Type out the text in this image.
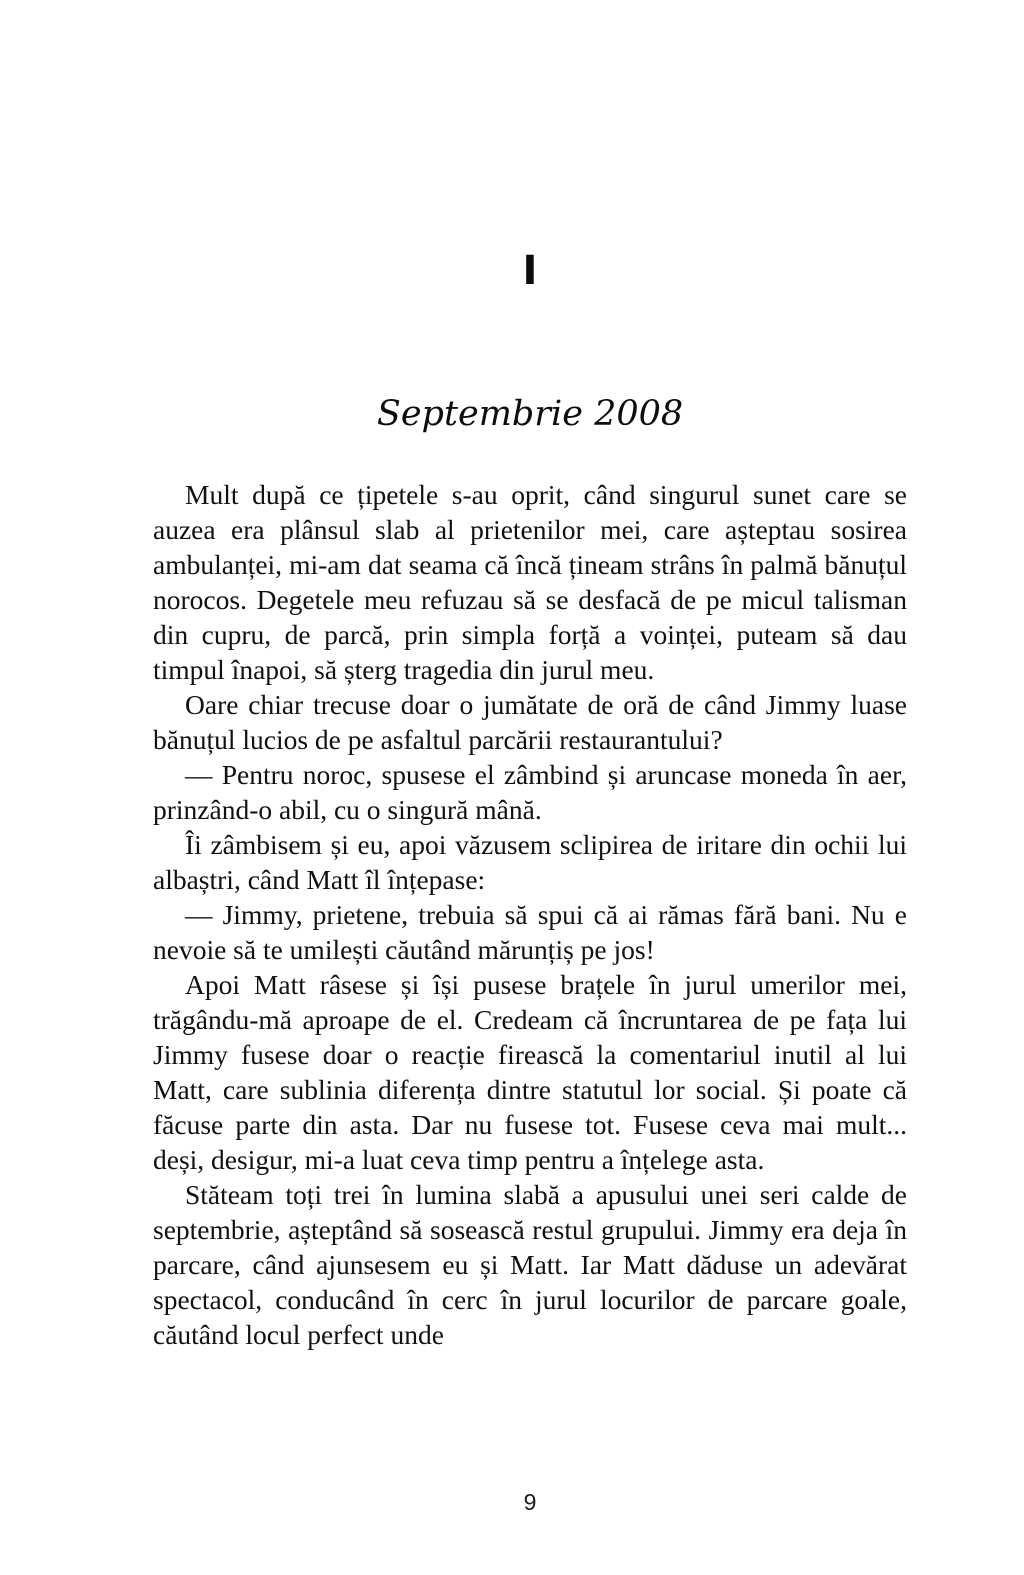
I
Septembrie 2008

Mult după ce țipetele s-au oprit, când singurul sunet care se auzea era plânsul slab al prietenilor mei, care așteptau sosirea ambulanței, mi-am dat seama că încă țineam strâns în palmă bănuțul norocos. Degetele meu refuzau să se desfacă de pe micul talisman din cupru, de parcă, prin simpla forță a voinței, puteam să dau timpul înapoi, să șterg tragedia din jurul meu.

Oare chiar trecuse doar o jumătate de oră de când Jimmy luase bănuțul lucios de pe asfaltul parcării restaurantului?

— Pentru noroc, spusese el zâmbind și aruncase moneda în aer, prinzând-o abil, cu o singură mână.

Îi zâmbisem și eu, apoi văzusem sclipirea de iritare din ochii lui albaștri, când Matt îl înțepase:

— Jimmy, prietene, trebuia să spui că ai rămas fără bani. Nu e nevoie să te umilești căutând mărunțiș pe jos!

Apoi Matt râsese și își pusese brațele în jurul umerilor mei, trăgându-mă aproape de el. Credeam că încruntarea de pe fața lui Jimmy fusese doar o reacție firească la comentariul inutil al lui Matt, care sublinia diferența dintre statutul lor social. Și poate că făcuse parte din asta. Dar nu fusese tot. Fusese ceva mai mult... deși, desigur, mi-a luat ceva timp pentru a înțelege asta.

Stăteam toți trei în lumina slabă a apusului unei seri calde de septembrie, așteptând să sosească restul grupului. Jimmy era deja în parcare, când ajunsesem eu și Matt. Iar Matt dăduse un adevărat spectacol, conducând în cerc în jurul locurilor de parcare goale, căutând locul perfect unde

9
